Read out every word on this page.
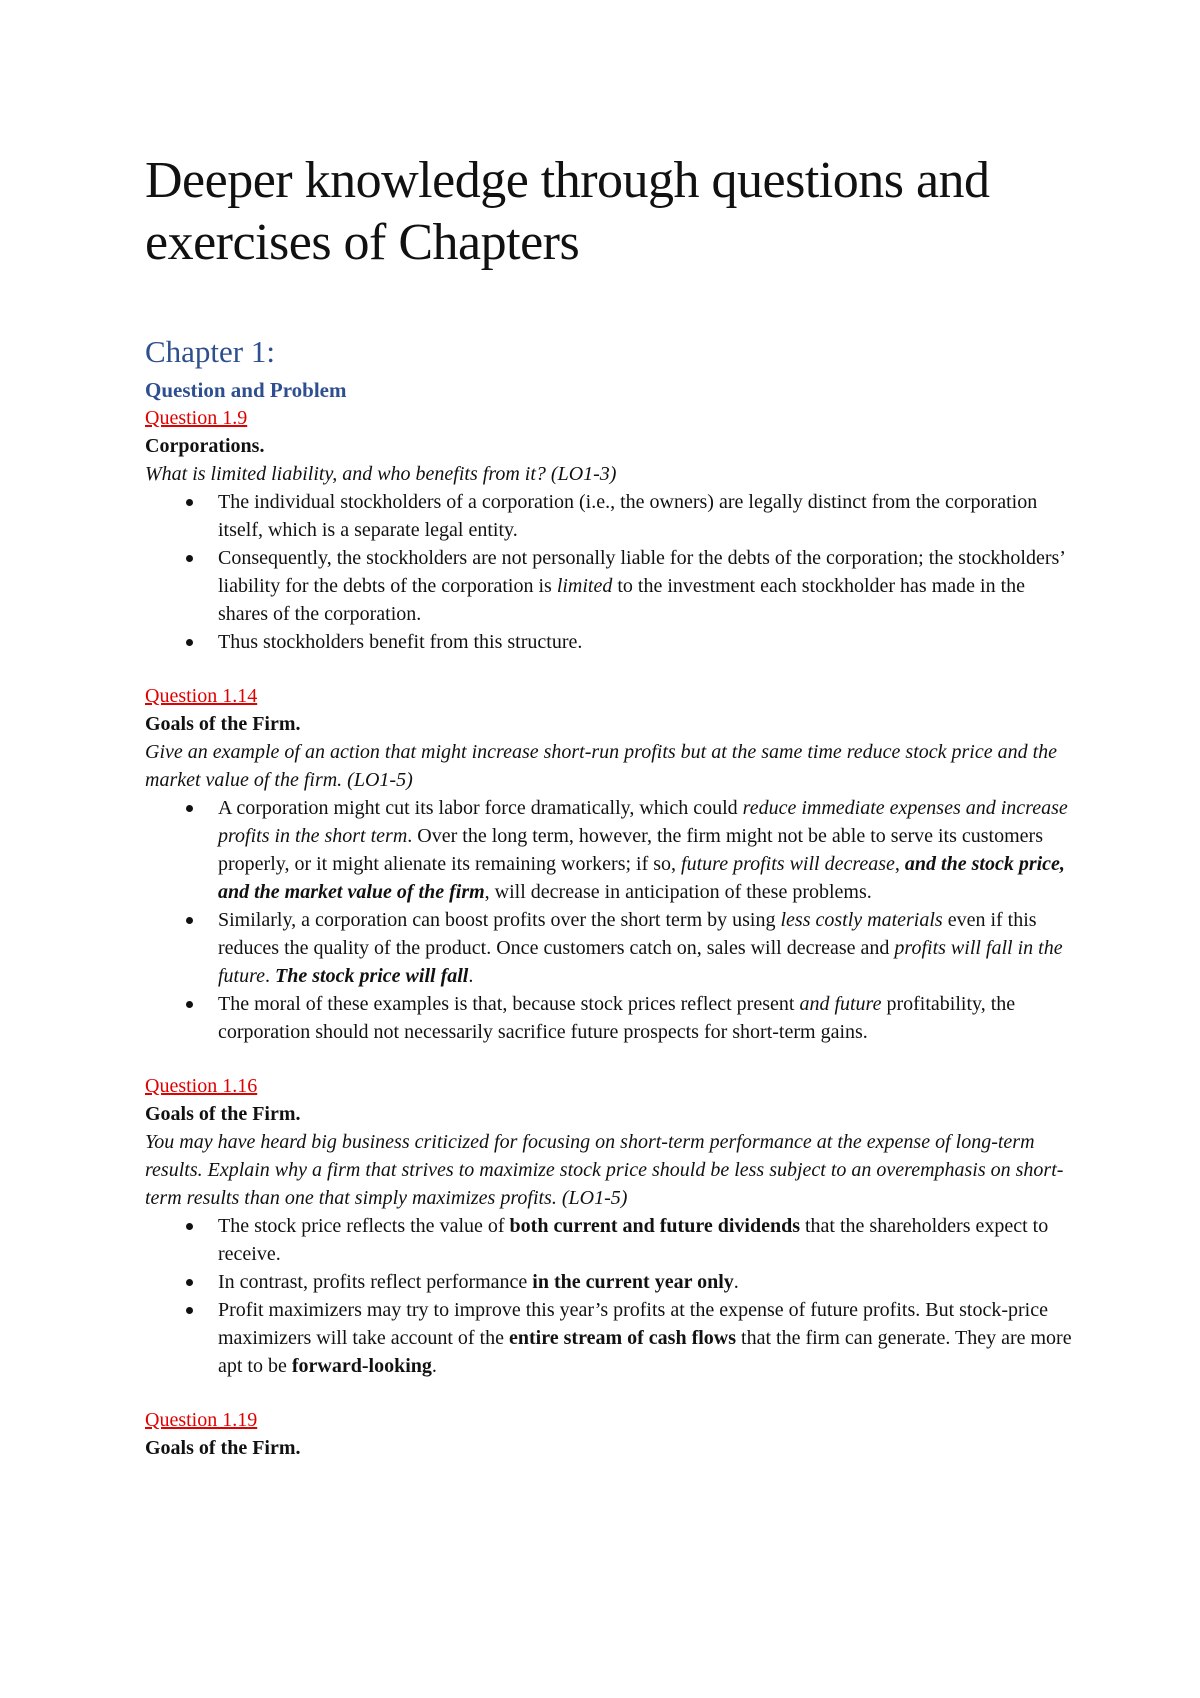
Deeper knowledge through questions and exercises of Chapters
Chapter 1:
Question and Problem
Question 1.9
Corporations.
What is limited liability, and who benefits from it? (LO1-3)
The individual stockholders of a corporation (i.e., the owners) are legally distinct from the corporation itself, which is a separate legal entity.
Consequently, the stockholders are not personally liable for the debts of the corporation; the stockholders’ liability for the debts of the corporation is limited to the investment each stockholder has made in the shares of the corporation.
Thus stockholders benefit from this structure.
Question 1.14
Goals of the Firm.
Give an example of an action that might increase short-run profits but at the same time reduce stock price and the market value of the firm. (LO1-5)
A corporation might cut its labor force dramatically, which could reduce immediate expenses and increase profits in the short term. Over the long term, however, the firm might not be able to serve its customers properly, or it might alienate its remaining workers; if so, future profits will decrease, and the stock price, and the market value of the firm, will decrease in anticipation of these problems.
Similarly, a corporation can boost profits over the short term by using less costly materials even if this reduces the quality of the product. Once customers catch on, sales will decrease and profits will fall in the future. The stock price will fall.
The moral of these examples is that, because stock prices reflect present and future profitability, the corporation should not necessarily sacrifice future prospects for short-term gains.
Question 1.16
Goals of the Firm.
You may have heard big business criticized for focusing on short-term performance at the expense of long-term results. Explain why a firm that strives to maximize stock price should be less subject to an overemphasis on short-term results than one that simply maximizes profits. (LO1-5)
The stock price reflects the value of both current and future dividends that the shareholders expect to receive.
In contrast, profits reflect performance in the current year only.
Profit maximizers may try to improve this year’s profits at the expense of future profits. But stock-price maximizers will take account of the entire stream of cash flows that the firm can generate. They are more apt to be forward-looking.
Question 1.19
Goals of the Firm.
